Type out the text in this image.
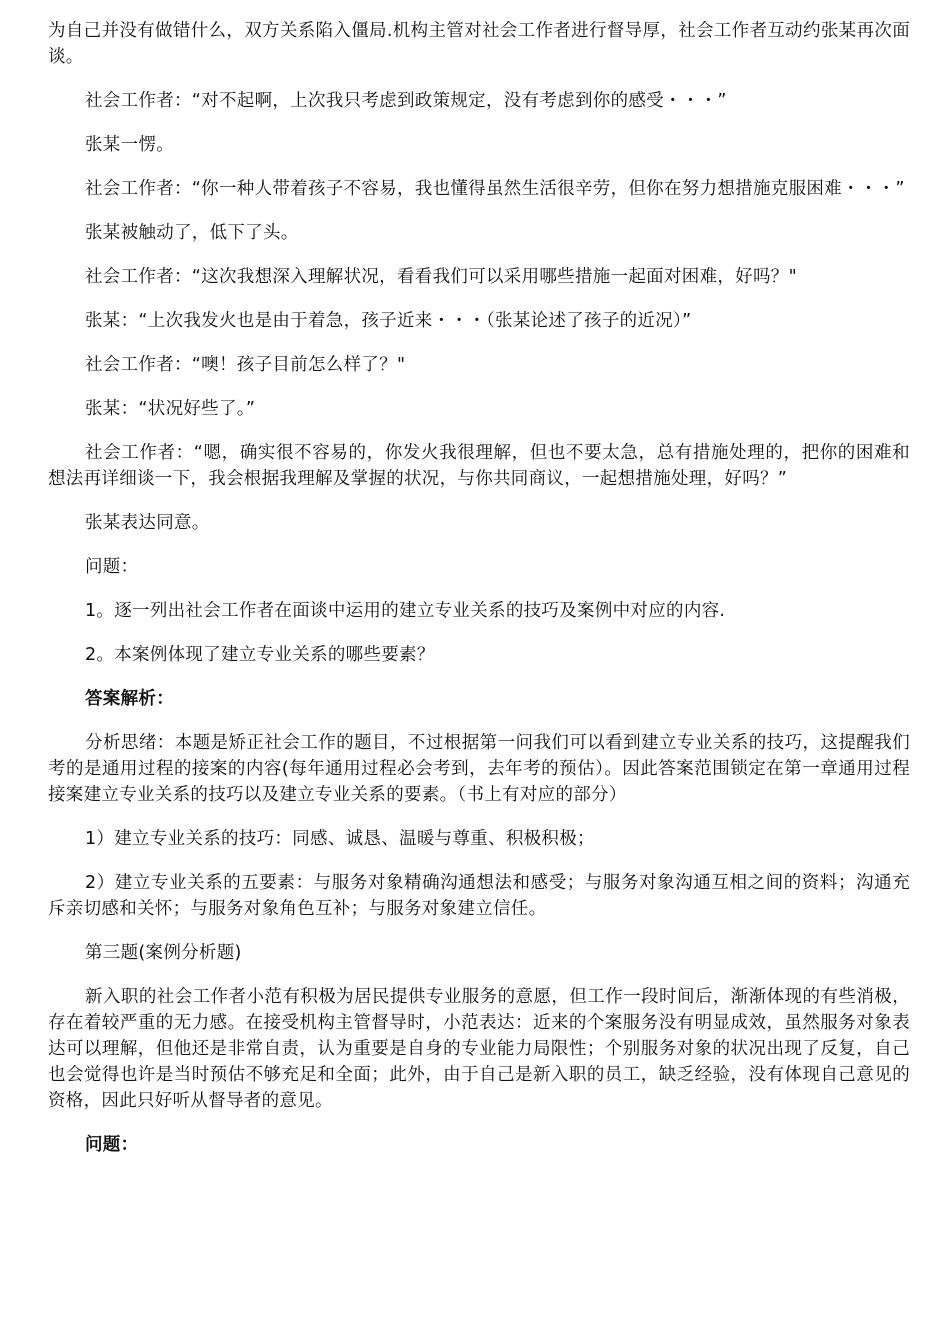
为自己并没有做错什么，双方关系陷入僵局.机构主管对社会工作者进行督导厚，社会工作者互动约张某再次面谈。

社会工作者：“对不起啊，上次我只考虑到政策规定，没有考虑到你的感受・・・”

张某一愣。

社会工作者：“你一种人带着孩子不容易，我也懂得虽然生活很辛劳，但你在努力想措施克服困难・・・”

张某被触动了，低下了头。

社会工作者：“这次我想深入理解状况，看看我们可以采用哪些措施一起面对困难，好吗？"

张某：“上次我发火也是由于着急，孩子近来・・・（张某论述了孩子的近况）”

社会工作者：“噢！孩子目前怎么样了？"

张某：“状况好些了。”

社会工作者：“嗯，确实很不容易的，你发火我很理解，但也不要太急，总有措施处理的，把你的困难和想法再详细谈一下，我会根据我理解及掌握的状况，与你共同商议，一起想措施处理，好吗？”

张某表达同意。

问题：

1。逐一列出社会工作者在面谈中运用的建立专业关系的技巧及案例中对应的内容.

2。本案例体现了建立专业关系的哪些要素？

答案解析：

分析思绪：本题是矫正社会工作的题目，不过根据第一问我们可以看到建立专业关系的技巧，这提醒我们考的是通用过程的接案的内容(每年通用过程必会考到，去年考的预估）。因此答案范围锁定在第一章通用过程接案建立专业关系的技巧以及建立专业关系的要素。（书上有对应的部分）

1）建立专业关系的技巧：同感、诚恳、温暖与尊重、积极积极；

2）建立专业关系的五要素：与服务对象精确沟通想法和感受；与服务对象沟通互相之间的资料；沟通充斥亲切感和关怀；与服务对象角色互补；与服务对象建立信任。

第三题(案例分析题)

新入职的社会工作者小范有积极为居民提供专业服务的意愿，但工作一段时间后，渐渐体现的有些消极，存在着较严重的无力感。在接受机构主管督导时，小范表达：近来的个案服务没有明显成效，虽然服务对象表达可以理解，但他还是非常自责，认为重要是自身的专业能力局限性；个别服务对象的状况出现了反复，自己也会觉得也许是当时预估不够充足和全面；此外，由于自己是新入职的员工，缺乏经验，没有体现自己意见的资格，因此只好听从督导者的意见。

问题：
